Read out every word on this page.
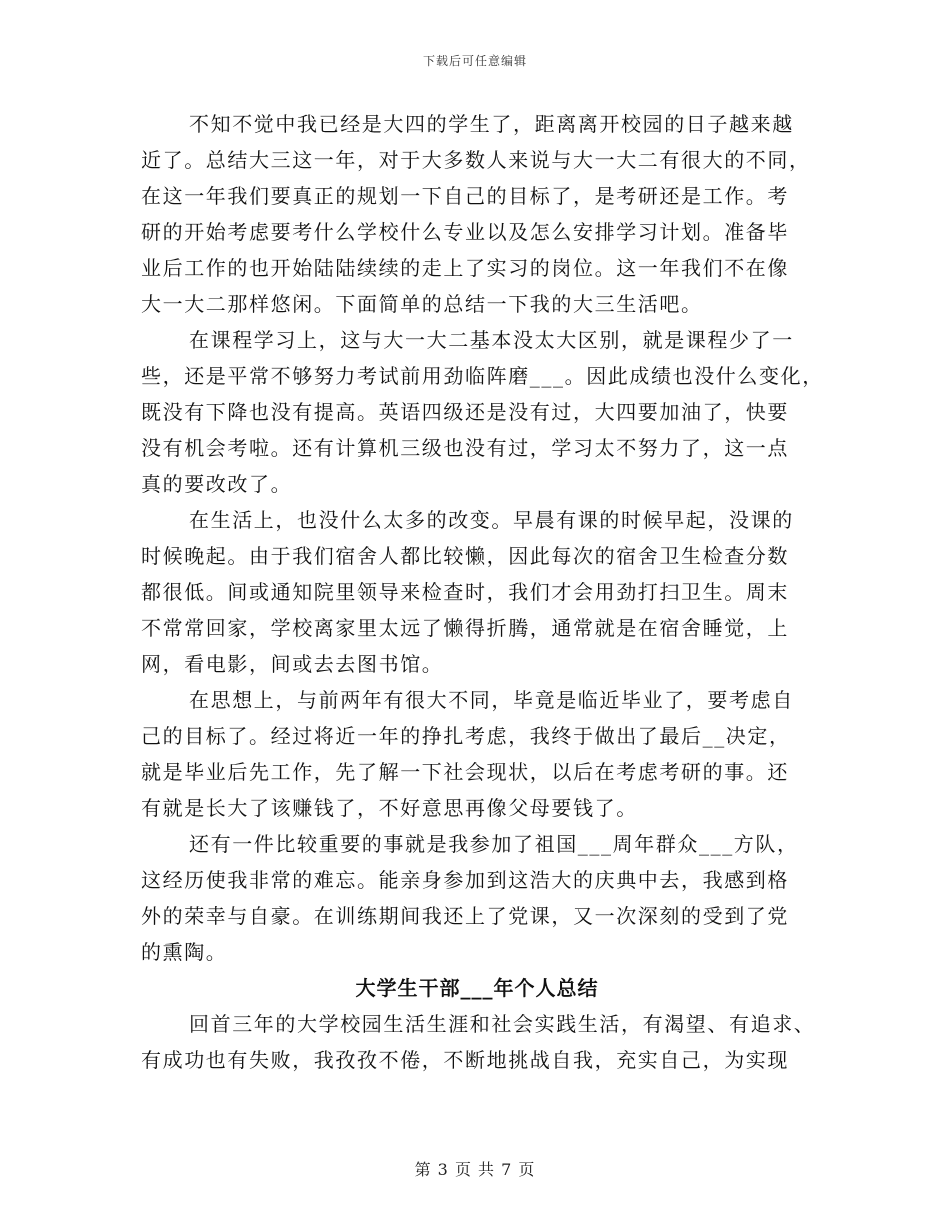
下载后可任意编辑
不知不觉中我已经是大四的学生了，距离离开校园的日子越来越
近了。总结大三这一年，对于大多数人来说与大一大二有很大的不同，
在这一年我们要真正的规划一下自己的目标了，是考研还是工作。考
研的开始考虑要考什么学校什么专业以及怎么安排学习计划。准备毕
业后工作的也开始陆陆续续的走上了实习的岗位。这一年我们不在像
大一大二那样悠闲。下面简单的总结一下我的大三生活吧。
在课程学习上，这与大一大二基本没太大区别，就是课程少了一
些，还是平常不够努力考试前用劲临阵磨___。因此成绩也没什么变化，
既没有下降也没有提高。英语四级还是没有过，大四要加油了，快要
没有机会考啦。还有计算机三级也没有过，学习太不努力了，这一点
真的要改改了。
在生活上，也没什么太多的改变。早晨有课的时候早起，没课的
时候晚起。由于我们宿舍人都比较懒，因此每次的宿舍卫生检查分数
都很低。间或通知院里领导来检查时，我们才会用劲打扫卫生。周末
不常常回家，学校离家里太远了懒得折腾，通常就是在宿舍睡觉，上
网，看电影，间或去去图书馆。
在思想上，与前两年有很大不同，毕竟是临近毕业了，要考虑自
己的目标了。经过将近一年的挣扎考虑，我终于做出了最后__决定，
就是毕业后先工作，先了解一下社会现状，以后在考虑考研的事。还
有就是长大了该赚钱了，不好意思再像父母要钱了。
还有一件比较重要的事就是我参加了祖国___周年群众___方队，
这经历使我非常的难忘。能亲身参加到这浩大的庆典中去，我感到格
外的荣幸与自豪。在训练期间我还上了党课，又一次深刻的受到了党
的熏陶。
大学生干部___年个人总结
回首三年的大学校园生活生涯和社会实践生活，有渴望、有追求、
有成功也有失败，我孜孜不倦，不断地挑战自我，充实自己，为实现
第 3 页 共 7 页
